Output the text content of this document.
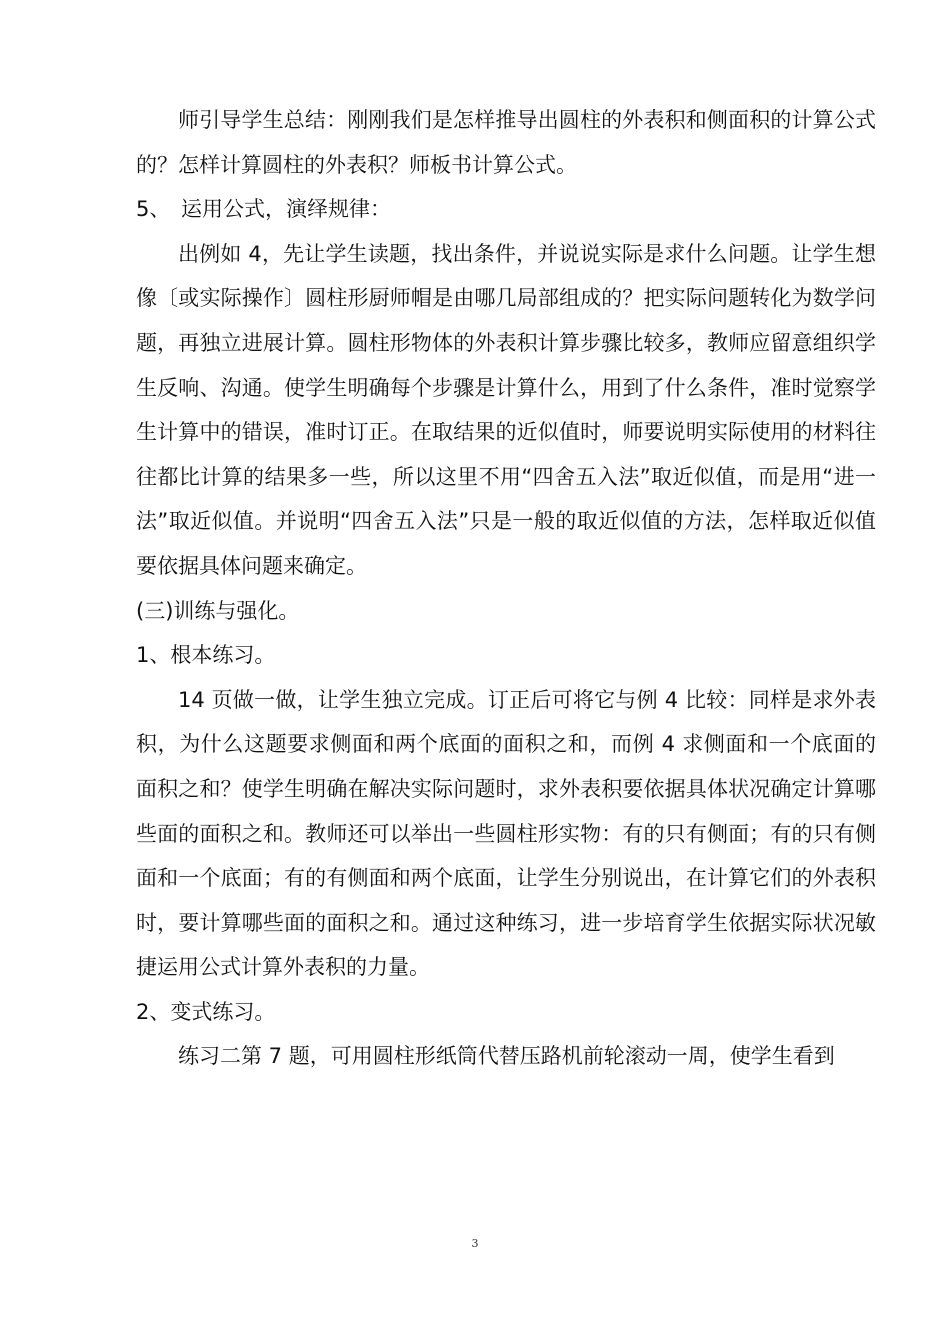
师引导学生总结：刚刚我们是怎样推导出圆柱的外表积和侧面积的计算公式的？怎样计算圆柱的外表积？师板书计算公式。

5、 运用公式，演绎规律：

出例如 4，先让学生读题，找出条件，并说说实际是求什么问题。让学生想像〔或实际操作〕圆柱形厨师帽是由哪几局部组成的？把实际问题转化为数学问题，再独立进展计算。圆柱形物体的外表积计算步骤比较多，教师应留意组织学生反响、沟通。使学生明确每个步骤是计算什么，用到了什么条件，准时觉察学生计算中的错误，准时订正。在取结果的近似值时，师要说明实际使用的材料往往都比计算的结果多一些，所以这里不用“四舍五入法”取近似值，而是用“进一法”取近似值。并说明“四舍五入法”只是一般的取近似值的方法，怎样取近似值要依据具体问题来确定。

(三)训练与强化。

1、根本练习。

14 页做一做，让学生独立完成。订正后可将它与例 4 比较：同样是求外表积，为什么这题要求侧面和两个底面的面积之和，而例 4 求侧面和一个底面的面积之和？使学生明确在解决实际问题时，求外表积要依据具体状况确定计算哪些面的面积之和。教师还可以举出一些圆柱形实物：有的只有侧面；有的只有侧面和一个底面；有的有侧面和两个底面，让学生分别说出，在计算它们的外表积时，要计算哪些面的面积之和。通过这种练习，进一步培育学生依据实际状况敏捷运用公式计算外表积的力量。

2、变式练习。

练习二第 7 题，可用圆柱形纸筒代替压路机前轮滚动一周，使学生看到

3
